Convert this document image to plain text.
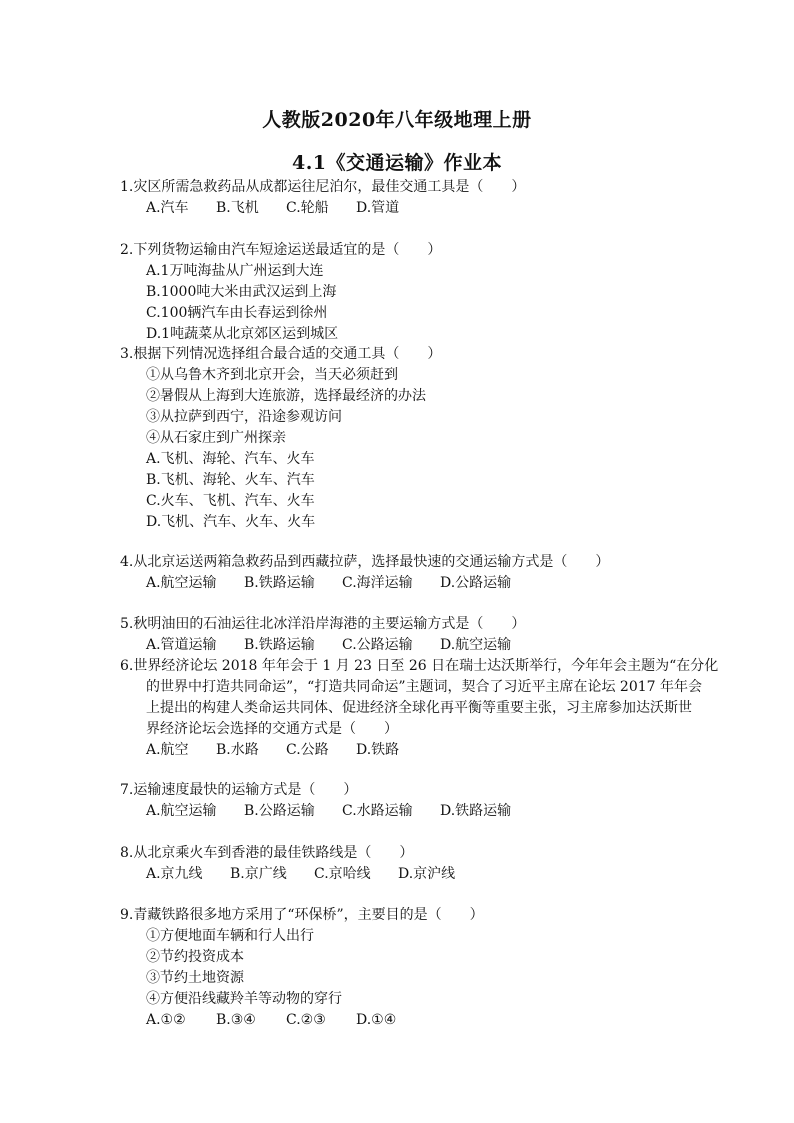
人教版2020年八年级地理上册
4.1《交通运输》作业本
1.灾区所需急救药品从成都运往尼泊尔，最佳交通工具是（　　）
A.汽车 B.飞机 C.轮船 D.管道
2.下列货物运输由汽车短途运送最适宜的是（　　）
A.1万吨海盐从广州运到大连
B.1000吨大米由武汉运到上海
C.100辆汽车由长春运到徐州
D.1吨蔬菜从北京郊区运到城区
3.根据下列情况选择组合最合适的交通工具（　　）
①从乌鲁木齐到北京开会，当天必须赶到
②暑假从上海到大连旅游，选择最经济的办法
③从拉萨到西宁，沿途参观访问
④从石家庄到广州探亲
A.飞机、海轮、汽车、火车
B.飞机、海轮、火车、汽车
C.火车、飞机、汽车、火车
D.飞机、汽车、火车、火车
4.从北京运送两箱急救药品到西藏拉萨，选择最快速的交通运输方式是（　　）
A.航空运输 B.铁路运输 C.海洋运输 D.公路运输
5.秋明油田的石油运往北冰洋沿岸海港的主要运输方式是（　　）
A.管道运输 B.铁路运输 C.公路运输 D.航空运输
6.世界经济论坛 2018 年年会于 1 月 23 日至 26 日在瑞士达沃斯举行，今年年会主题为“在分化
的世界中打造共同命运”，“打造共同命运”主题词，契合了习近平主席在论坛 2017 年年会
上提出的构建人类命运共同体、促进经济全球化再平衡等重要主张，习主席参加达沃斯世
界经济论坛会选择的交通方式是（　　）
A.航空 B.水路 C.公路 D.铁路
7.运输速度最快的运输方式是（　　）
A.航空运输 B.公路运输 C.水路运输 D.铁路运输
8.从北京乘火车到香港的最佳铁路线是（　　）
A.京九线 B.京广线 C.京哈线 D.京沪线
9.青藏铁路很多地方采用了“环保桥”，主要目的是（　　）
①方便地面车辆和行人出行
②节约投资成本
③节约土地资源
④方便沿线藏羚羊等动物的穿行
A.①② B.③④ C.②③ D.①④
